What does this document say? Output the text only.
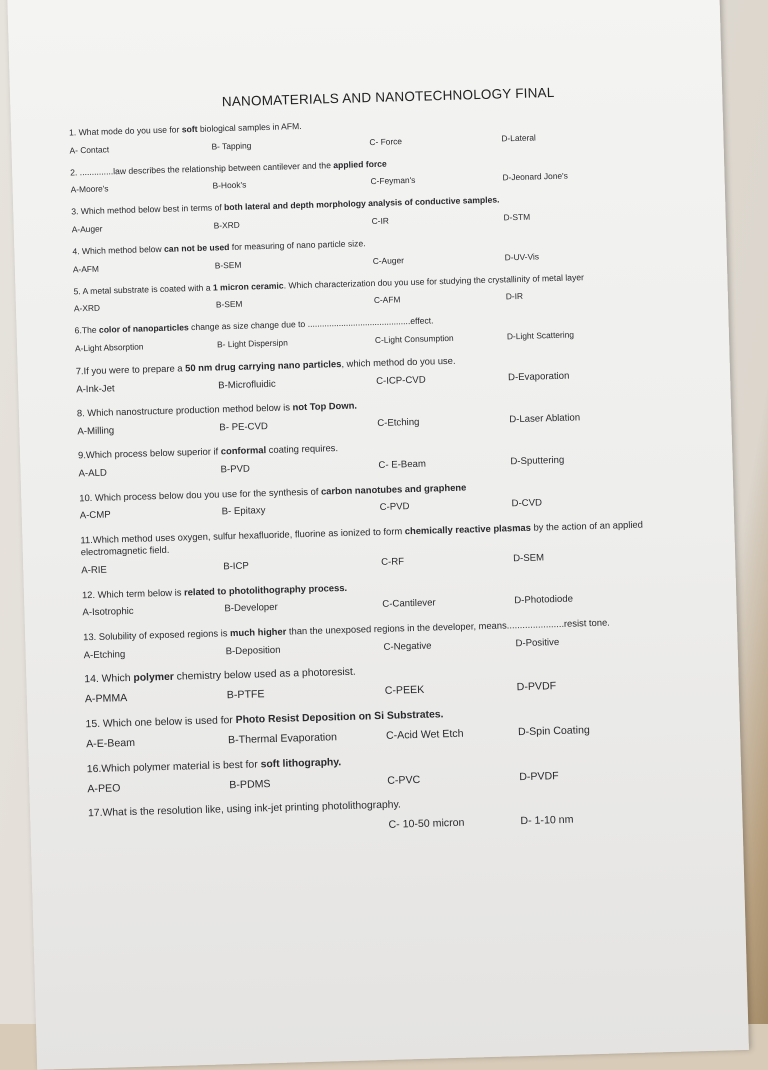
NANOMATERIALS AND NANOTECHNOLOGY FINAL
1. What mode do you use for soft biological samples in AFM.
A- Contact	B- Tapping	C- Force	D-Lateral
2. ..............law describes the relationship between cantilever and the applied force
A-Moore's	B-Hook's	C-Feyman's	D-Jeonard Jone's
3. Which method below best in terms of both lateral and depth morphology analysis of conductive samples.
A-Auger	B-XRD	C-IR	D-STM
4. Which method below can not be used for measuring of nano particle size.
A-AFM	B-SEM	C-Auger	D-UV-Vis
5. A metal substrate is coated with a 1 micron ceramic. Which characterization dou you use for studying the crystallinity of metal layer
A-XRD	B-SEM	C-AFM	D-IR
6.The color of nanoparticles change as size change due to ...........................................effect.
A-Light Absorption	B- Light Dispersipn	C-Light Consumption	D-Light Scattering
7.If you were to prepare a 50 nm drug carrying nano particles, which method do you use.
A-Ink-Jet	B-Microfluidic	C-ICP-CVD	D-Evaporation
8. Which nanostructure production method below is not Top Down.
A-Milling	B- PE-CVD	C-Etching	D-Laser Ablation
9.Which process below superior if conformal coating requires.
A-ALD	B-PVD	C- E-Beam	D-Sputtering
10. Which process below dou you use for the synthesis of carbon nanotubes and graphene
A-CMP	B- Epitaxy	C-PVD	D-CVD
11.Which method uses oxygen, sulfur hexafluoride, fluorine as ionized to form chemically reactive plasmas by the action of an applied electromagnetic field.
A-RIE	B-ICP	C-RF	D-SEM
12. Which term below is related to photolithography process.
A-Isotrophic	B-Developer	C-Cantilever	D-Photodiode
13. Solubility of exposed regions is much higher than the unexposed regions in the developer, means......................resist tone.
A-Etching	B-Deposition	C-Negative	D-Positive
14. Which polymer chemistry below used as a photoresist.
A-PMMA	B-PTFE	C-PEEK	D-PVDF
15. Which one below is used for Photo Resist Deposition on Si Substrates.
A-E-Beam	B-Thermal Evaporation	C-Acid Wet Etch	D-Spin Coating
16.Which polymer material is best for soft lithography.
A-PEO	B-PDMS	C-PVC	D-PVDF
17.What is the resolution like, using ink-jet printing photolithography.
C- 10-50 micron	D- 1-10 nm
